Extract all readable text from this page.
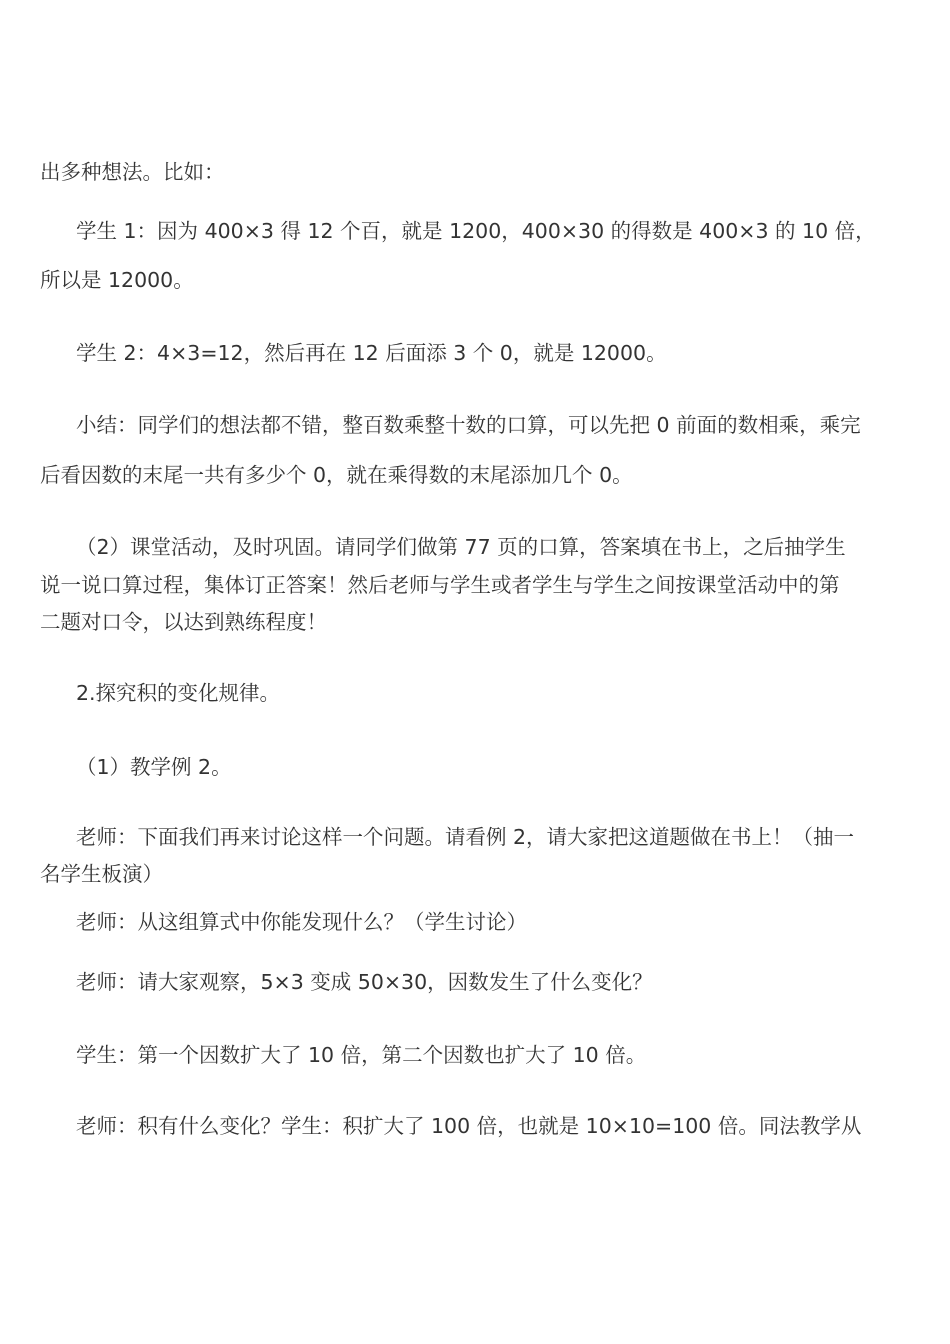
出多种想法。比如：
学生 1：因为 400×3 得 12 个百，就是 1200，400×30 的得数是 400×3 的 10 倍，
所以是 12000。
学生 2：4×3=12，然后再在 12 后面添 3 个 0，就是 12000。
小结：同学们的想法都不错，整百数乘整十数的口算，可以先把 0 前面的数相乘，乘完
后看因数的末尾一共有多少个 0，就在乘得数的末尾添加几个 0。
（2）课堂活动，及时巩固。请同学们做第 77 页的口算，答案填在书上，之后抽学生
说一说口算过程，集体订正答案！然后老师与学生或者学生与学生之间按课堂活动中的第
二题对口令，以达到熟练程度！
2.探究积的变化规律。
（1）教学例 2。
老师：下面我们再来讨论这样一个问题。请看例 2，请大家把这道题做在书上！（抽一
名学生板演）
老师：从这组算式中你能发现什么？（学生讨论）
老师：请大家观察，5×3 变成 50×30，因数发生了什么变化？
学生：第一个因数扩大了 10 倍，第二个因数也扩大了 10 倍。
老师：积有什么变化？学生：积扩大了 100 倍，也就是 10×10=100 倍。同法教学从
